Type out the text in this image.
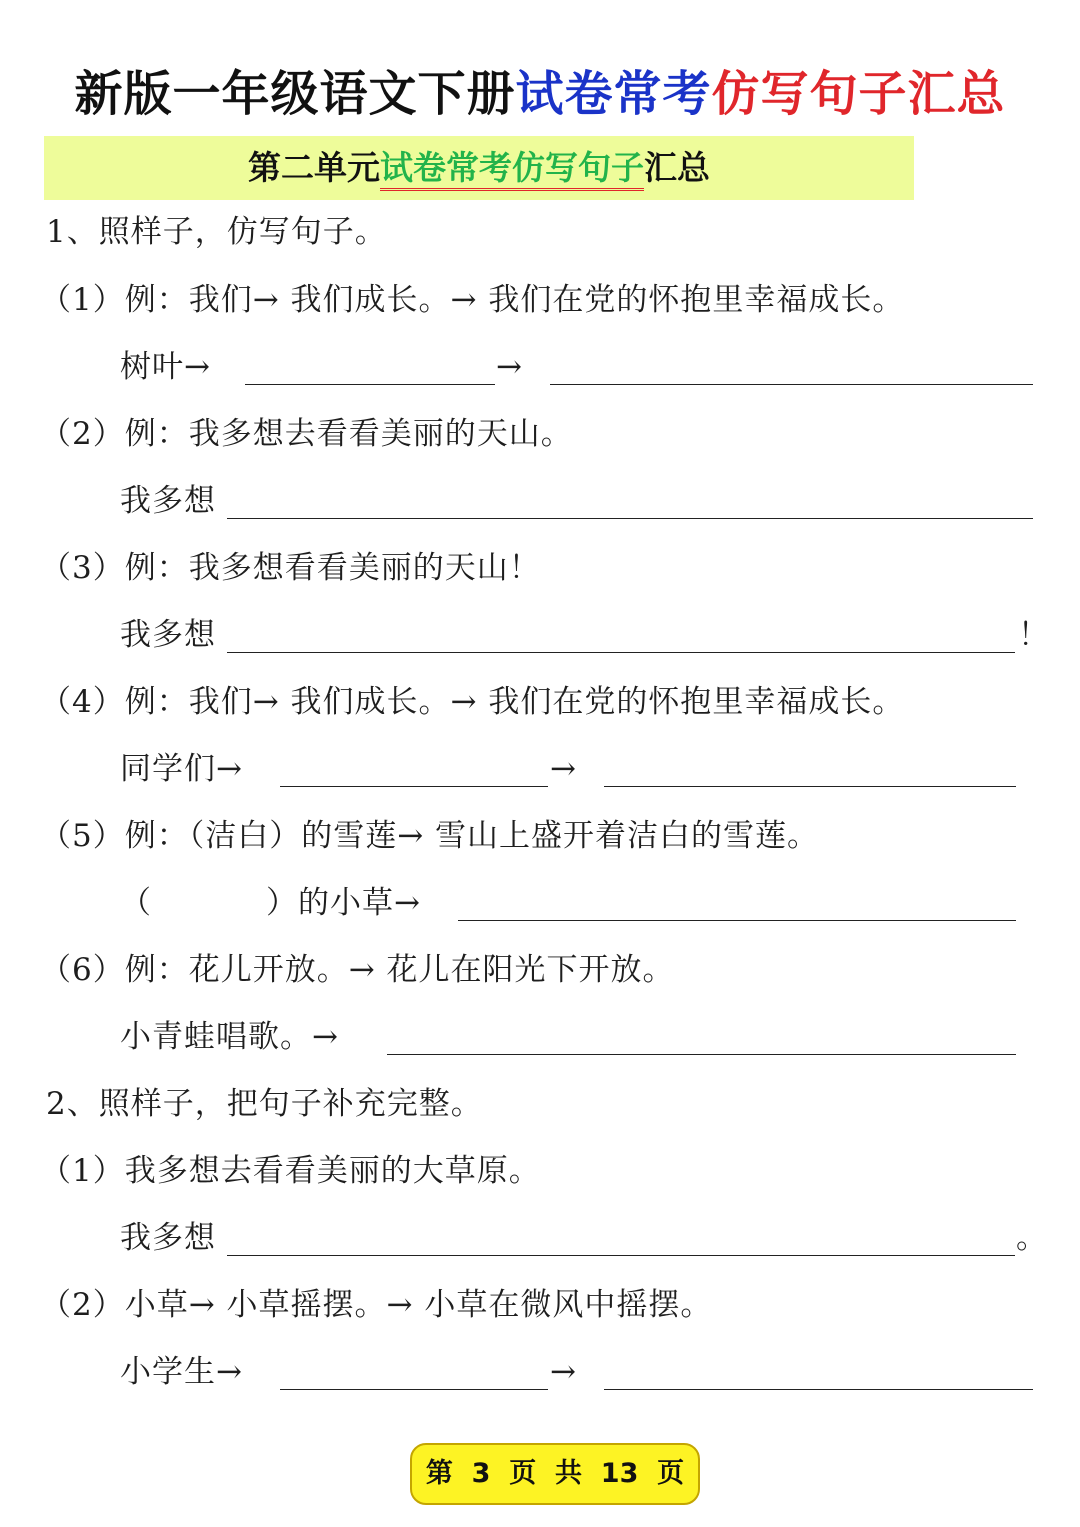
新版一年级语文下册试卷常考仿写句子汇总
第二单元试卷常考仿写句子汇总
1、照样子，仿写句子。
（1）例：我们→ 我们成长。→ 我们在党的怀抱里幸福成长。
树叶→	→
（2）例：我多想去看看美丽的天山。
我多想
（3）例：我多想看看美丽的天山！
我多想	！
（4）例：我们→ 我们成长。→ 我们在党的怀抱里幸福成长。
同学们→	→
（5）例：（洁白）的雪莲→ 雪山上盛开着洁白的雪莲。
（	）的小草→
（6）例：花儿开放。→ 花儿在阳光下开放。
小青蛙唱歌。→
2、照样子，把句子补充完整。
（1）我多想去看看美丽的大草原。
我多想	。
（2）小草→ 小草摇摆。→ 小草在微风中摇摆。
小学生→	→
第  3  页  共  13  页
